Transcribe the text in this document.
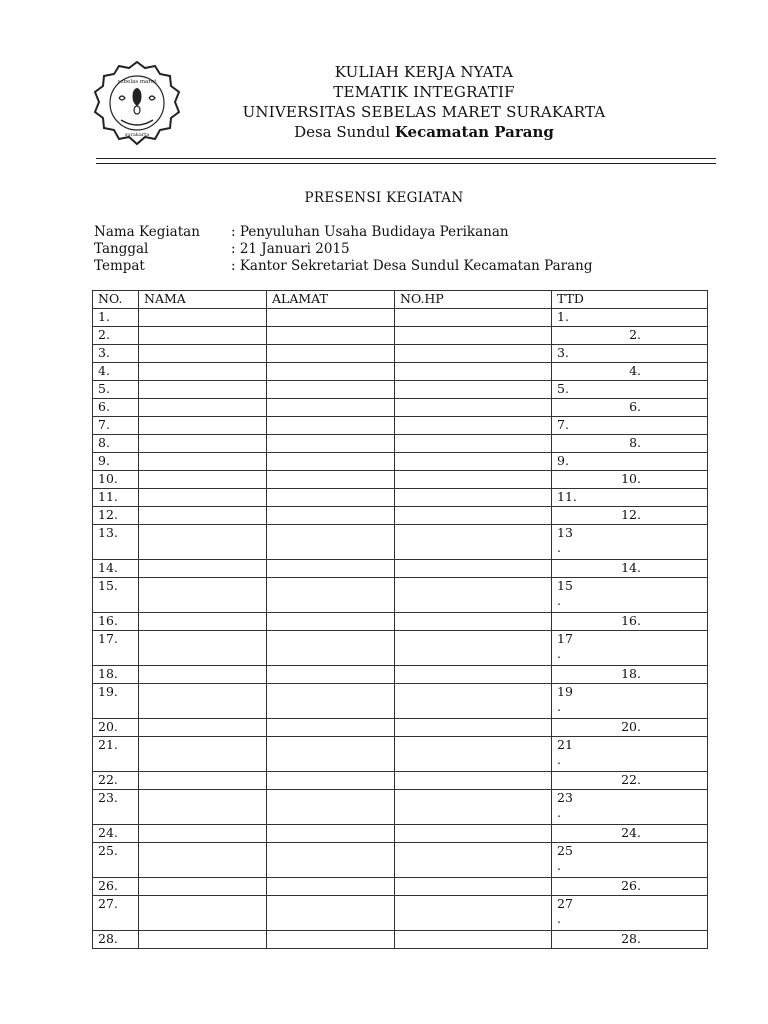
sebelas maret
surakarta
KULIAH KERJA NYATA
TEMATIK INTEGRATIF
UNIVERSITAS SEBELAS MARET SURAKARTA
Desa Sundul Kecamatan Parang
PRESENSI KEGIATAN
Nama Kegiatan	: Penyuluhan Usaha Budidaya Perikanan
Tanggal	: 21 Januari 2015
Tempat	: Kantor Sekretariat Desa Sundul Kecamatan Parang
NO.	NAMA	ALAMAT	NO.HP	TTD
1.				1.
2.				2.
3.				3.
4.				4.
5.				5.
6.				6.
7.				7.
8.				8.
9.				9.
10.				10.
11.				11.
12.				12.
13.				13
.

14.				14.
15.				15
.

16.				16.
17.				17
.

18.				18.
19.				19
.

20.				20.
21.				21
.

22.				22.
23.				23
.

24.				24.
25.				25
.

26.				26.
27.				27
.

28.				28.
